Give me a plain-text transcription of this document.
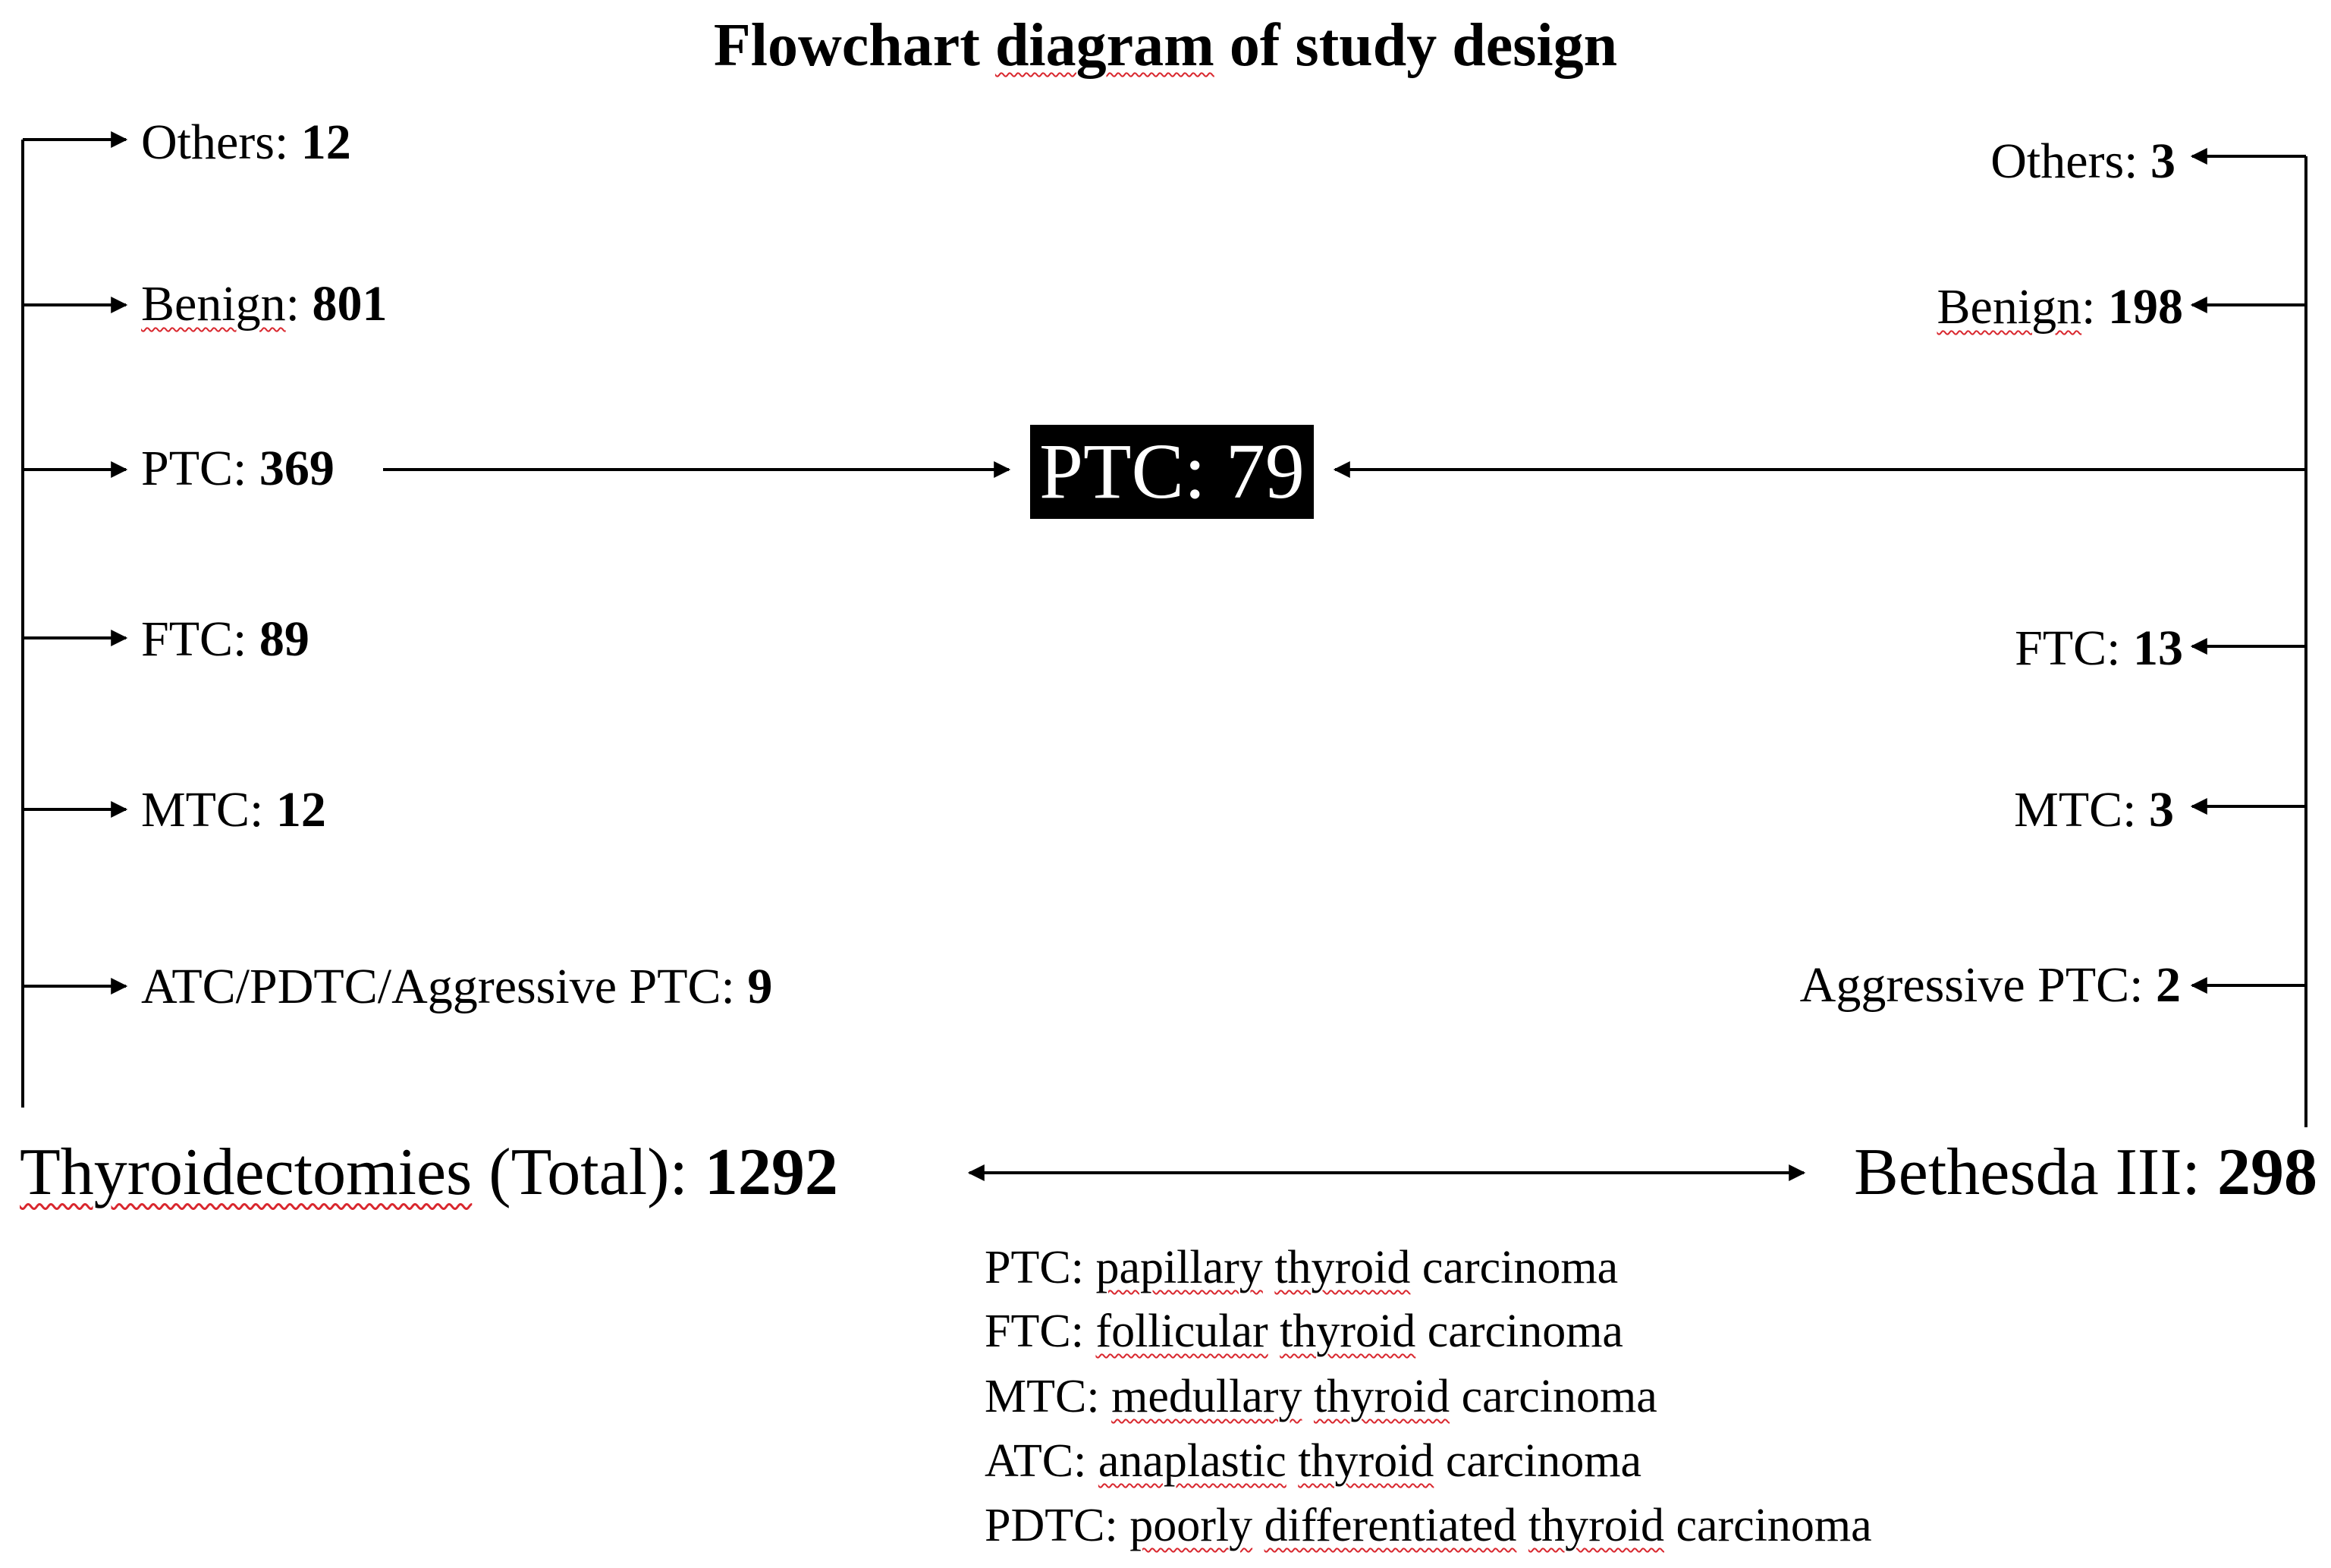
Flowchart diagram of study design
Others: 12
Benign: 801
PTC: 369
FTC: 89
MTC: 12
ATC/PDTC/Aggressive PTC: 9
Others: 3
Benign: 198
FTC: 13
MTC: 3
Aggressive PTC: 2
PTC: 79
Thyroidectomies (Total): 1292	Bethesda III: 298
PTC: papillary thyroid carcinoma
FTC: follicular thyroid carcinoma
MTC: medullary thyroid carcinoma
ATC: anaplastic thyroid carcinoma
PDTC: poorly differentiated thyroid carcinoma
